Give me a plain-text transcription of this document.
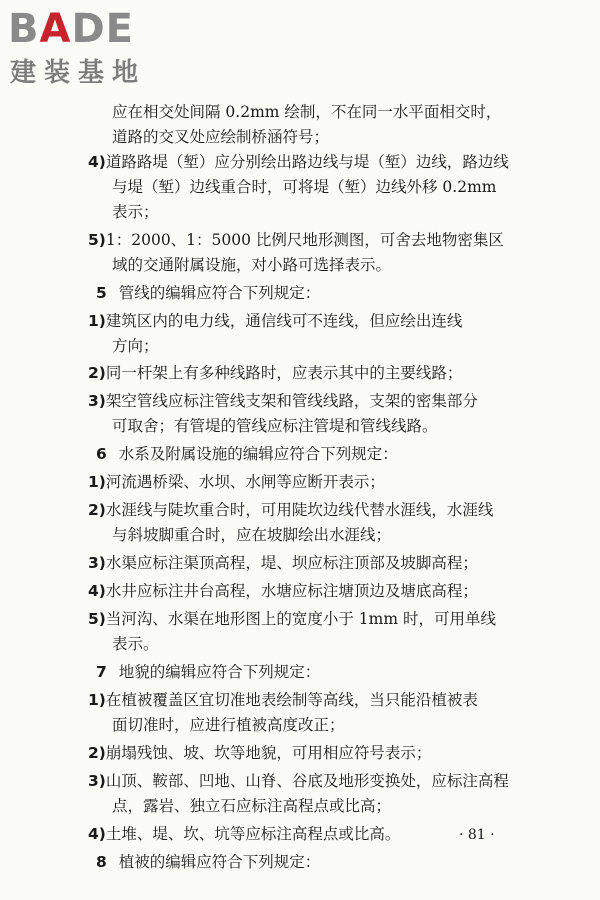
BADE
建装基地
应在相交处间隔 0.2mm 绘制，不在同一水平面相交时，
道路的交叉处应绘制桥涵符号；
4)道路路堤（堑）应分别绘出路边线与堤（堑）边线，路边线
与堤（堑）边线重合时，可将堤（堑）边线外移 0.2mm
表示；
5)1：2000、1：5000 比例尺地形测图，可舍去地物密集区
域的交通附属设施，对小路可选择表示。
5 管线的编辑应符合下列规定：
1)建筑区内的电力线，通信线可不连线，但应绘出连线
方向；
2)同一杆架上有多种线路时，应表示其中的主要线路；
3)架空管线应标注管线支架和管线线路，支架的密集部分
可取舍；有管堤的管线应标注管堤和管线线路。
6 水系及附属设施的编辑应符合下列规定：
1)河流遇桥梁、水坝、水闸等应断开表示；
2)水涯线与陡坎重合时，可用陡坎边线代替水涯线，水涯线
与斜坡脚重合时，应在坡脚绘出水涯线；
3)水渠应标注渠顶高程，堤、坝应标注顶部及坡脚高程；
4)水井应标注井台高程，水塘应标注塘顶边及塘底高程；
5)当河沟、水渠在地形图上的宽度小于 1mm 时，可用单线
表示。
7 地貌的编辑应符合下列规定：
1)在植被覆盖区宜切准地表绘制等高线，当只能沿植被表
面切准时，应进行植被高度改正；
2)崩塌残蚀、坡、坎等地貌，可用相应符号表示；
3)山顶、鞍部、凹地、山脊、谷底及地形变换处，应标注高程
点，露岩、独立石应标注高程点或比高；
4)土堆、堤、坎、坑等应标注高程点或比高。
8 植被的编辑应符合下列规定：
· 81 ·
